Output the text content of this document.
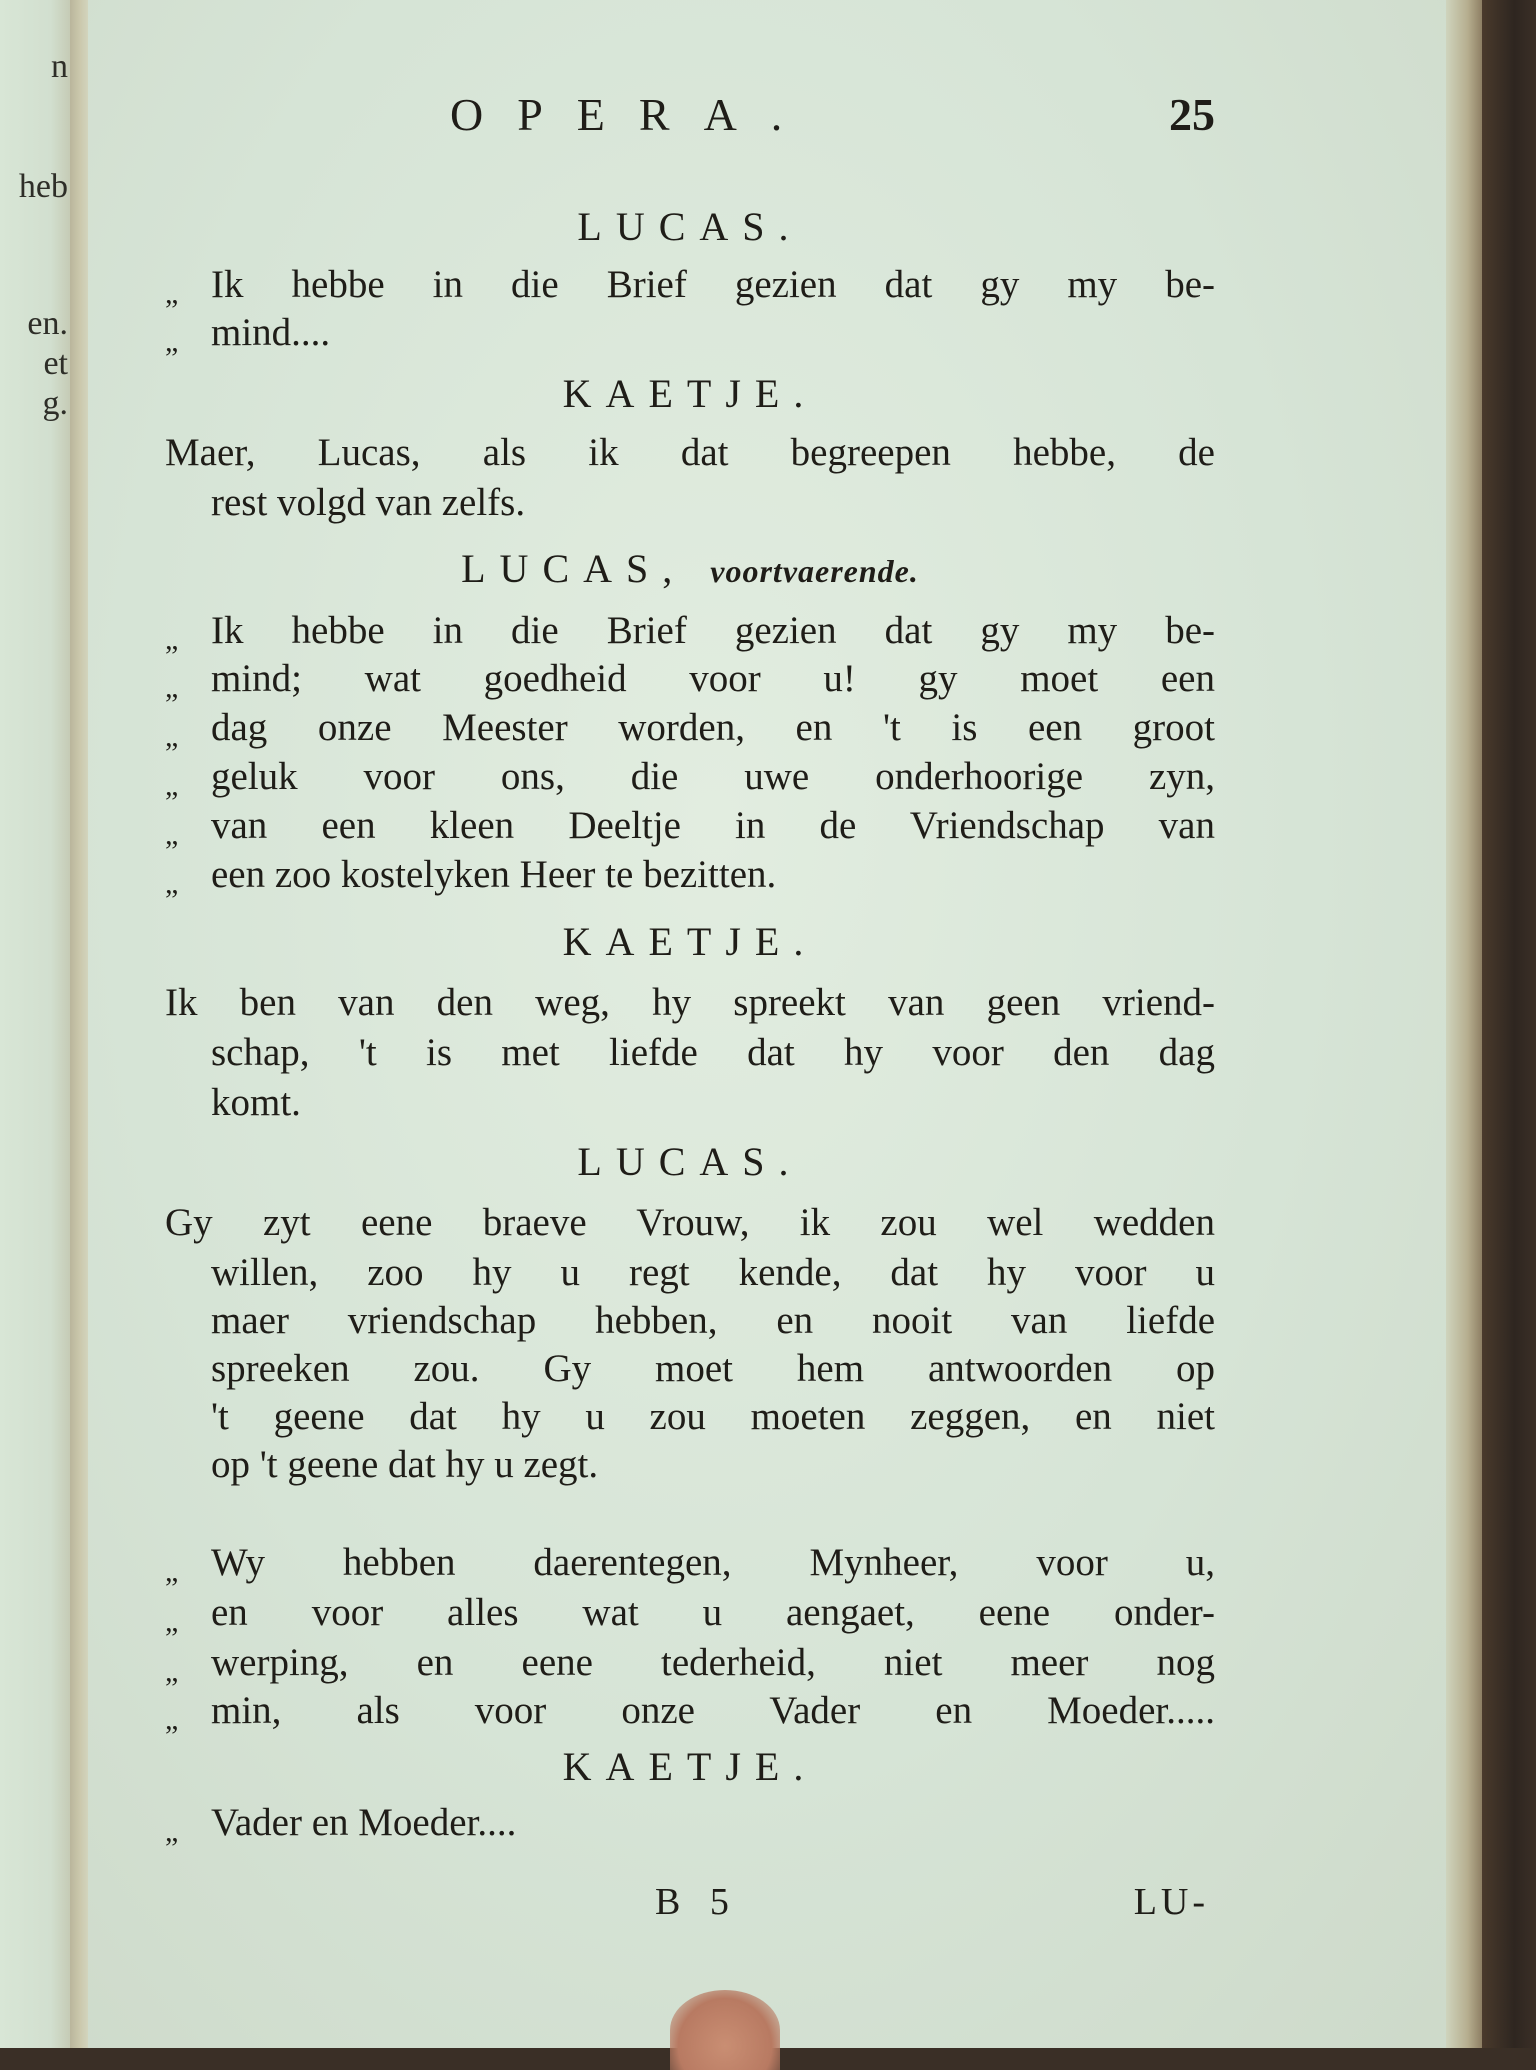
n
heb
en.
et
g.
OPERA.	25
LUCAS.
„ Ik hebbe in die Brief gezien dat gy my be-
„ mind....
KAETJE.
Maer, Lucas, als ik dat begreepen hebbe, de
rest volgd van zelfs.
LUCAS, voortvaerende.
„ Ik hebbe in die Brief gezien dat gy my be-
„ mind; wat goedheid voor u! gy moet een
„ dag onze Meester worden, en 't is een groot
„ geluk voor ons, die uwe onderhoorige zyn,
„ van een kleen Deeltje in de Vriendschap van
„ een zoo kostelyken Heer te bezitten.
KAETJE.
Ik ben van den weg, hy spreekt van geen vriend-
schap, 't is met liefde dat hy voor den dag
komt.
LUCAS.
Gy zyt eene braeve Vrouw, ik zou wel wedden
willen, zoo hy u regt kende, dat hy voor u
maer vriendschap hebben, en nooit van liefde
spreeken zou. Gy moet hem antwoorden op
't geene dat hy u zou moeten zeggen, en niet
op 't geene dat hy u zegt.
„ Wy hebben daerentegen, Mynheer, voor u,
„ en voor alles wat u aengaet, eene onder-
„ werping, en eene tederheid, niet meer nog
„ min, als voor onze Vader en Moeder.....
KAETJE.
„ Vader en Moeder....
B 5	LU-
